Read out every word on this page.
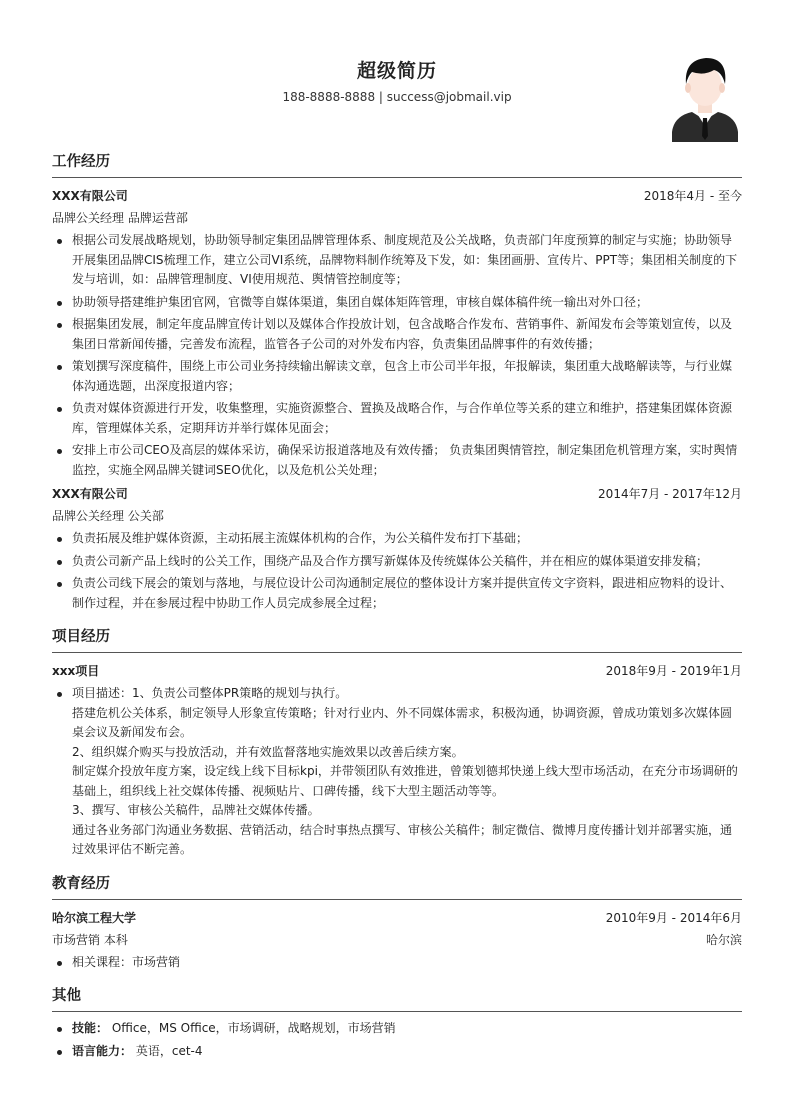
超级简历
188-8888-8888 | success@jobmail.vip
工作经历
XXX有限公司	2018年4月 - 至今
品牌公关经理 品牌运营部
根据公司发展战略规划，协助领导制定集团品牌管理体系、制度规范及公关战略，负责部门年度预算的制定与实施；协助领导开展集团品牌CIS梳理工作，建立公司VI系统，品牌物料制作统筹及下发，如：集团画册、宣传片、PPT等；集团相关制度的下发与培训，如：品牌管理制度、VI使用规范、舆情管控制度等；
协助领导搭建维护集团官网，官微等自媒体渠道，集团自媒体矩阵管理，审核自媒体稿件统一输出对外口径；
根据集团发展，制定年度品牌宣传计划以及媒体合作投放计划，包含战略合作发布、营销事件、新闻发布会等策划宣传，以及集团日常新闻传播，完善发布流程，监管各子公司的对外发布内容，负责集团品牌事件的有效传播；
策划撰写深度稿件，围绕上市公司业务持续输出解读文章，包含上市公司半年报，年报解读，集团重大战略解读等，与行业媒体沟通选题，出深度报道内容；
负责对媒体资源进行开发，收集整理，实施资源整合、置换及战略合作，与合作单位等关系的建立和维护，搭建集团媒体资源库，管理媒体关系，定期拜访并举行媒体见面会；
安排上市公司CEO及高层的媒体采访，确保采访报道落地及有效传播； 负责集团舆情管控，制定集团危机管理方案，实时舆情监控，实施全网品牌关键词SEO优化，以及危机公关处理；
XXX有限公司	2014年7月 - 2017年12月
品牌公关经理 公关部
负责拓展及维护媒体资源，主动拓展主流媒体机构的合作，为公关稿件发布打下基础；
负责公司新产品上线时的公关工作，围绕产品及合作方撰写新媒体及传统媒体公关稿件，并在相应的媒体渠道安排发稿；
负责公司线下展会的策划与落地，与展位设计公司沟通制定展位的整体设计方案并提供宣传文字资料，跟进相应物料的设计、制作过程，并在参展过程中协助工作人员完成参展全过程；
项目经历
xxx项目	2018年9月 - 2019年1月
项目描述：1、负责公司整体PR策略的规划与执行。
搭建危机公关体系，制定领导人形象宣传策略；针对行业内、外不同媒体需求，积极沟通，协调资源，曾成功策划多次媒体圆桌会议及新闻发布会。
2、组织媒介购买与投放活动，并有效监督落地实施效果以改善后续方案。
制定媒介投放年度方案，设定线上线下目标kpi，并带领团队有效推进，曾策划德邦快递上线大型市场活动，在充分市场调研的基础上，组织线上社交媒体传播、视频贴片、口碑传播，线下大型主题活动等等。
3、撰写、审核公关稿件，品牌社交媒体传播。
通过各业务部门沟通业务数据、营销活动，结合时事热点撰写、审核公关稿件；制定微信、微博月度传播计划并部署实施，通过效果评估不断完善。
教育经历
哈尔滨工程大学	2010年9月 - 2014年6月
市场营销 本科	哈尔滨
相关课程：市场营销
其他
技能： Office，MS Office，市场调研，战略规划，市场营销
语言能力： 英语，cet-4
